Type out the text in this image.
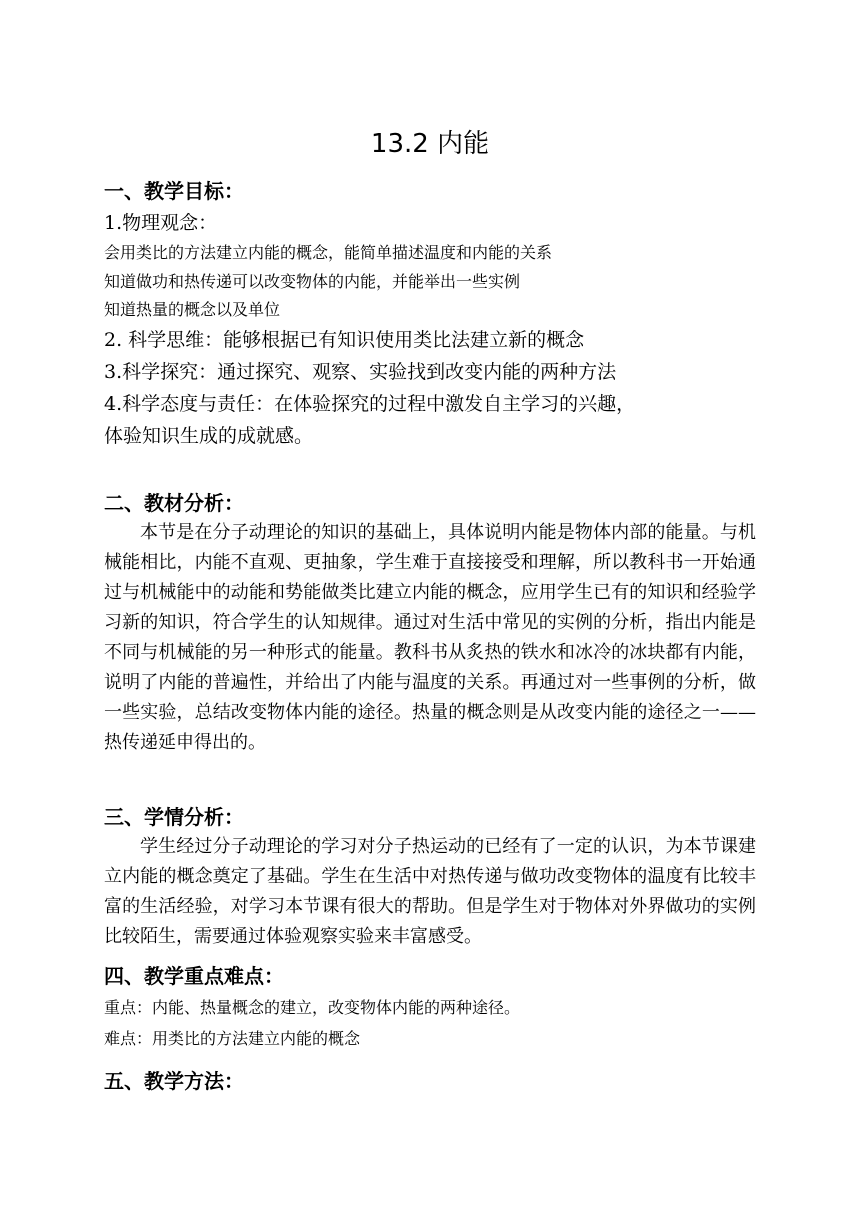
13.2 内能
一、教学目标：
1.物理观念：
会用类比的方法建立内能的概念，能简单描述温度和内能的关系
知道做功和热传递可以改变物体的内能，并能举出一些实例
知道热量的概念以及单位
2. 科学思维：能够根据已有知识使用类比法建立新的概念
3.科学探究：通过探究、观察、实验找到改变内能的两种方法
4.科学态度与责任：在体验探究的过程中激发自主学习的兴趣，
体验知识生成的成就感。
二、教材分析：
本节是在分子动理论的知识的基础上，具体说明内能是物体内部的能量。与机械能相比，内能不直观、更抽象，学生难于直接接受和理解，所以教科书一开始通过与机械能中的动能和势能做类比建立内能的概念，应用学生已有的知识和经验学习新的知识，符合学生的认知规律。通过对生活中常见的实例的分析，指出内能是不同与机械能的另一种形式的能量。教科书从炙热的铁水和冰冷的冰块都有内能，说明了内能的普遍性，并给出了内能与温度的关系。再通过对一些事例的分析，做一些实验，总结改变物体内能的途径。热量的概念则是从改变内能的途径之一——热传递延申得出的。
三、学情分析：
学生经过分子动理论的学习对分子热运动的已经有了一定的认识，为本节课建立内能的概念奠定了基础。学生在生活中对热传递与做功改变物体的温度有比较丰富的生活经验，对学习本节课有很大的帮助。但是学生对于物体对外界做功的实例比较陌生，需要通过体验观察实验来丰富感受。
四、教学重点难点：
重点：内能、热量概念的建立，改变物体内能的两种途径。
难点：用类比的方法建立内能的概念
五、教学方法：
